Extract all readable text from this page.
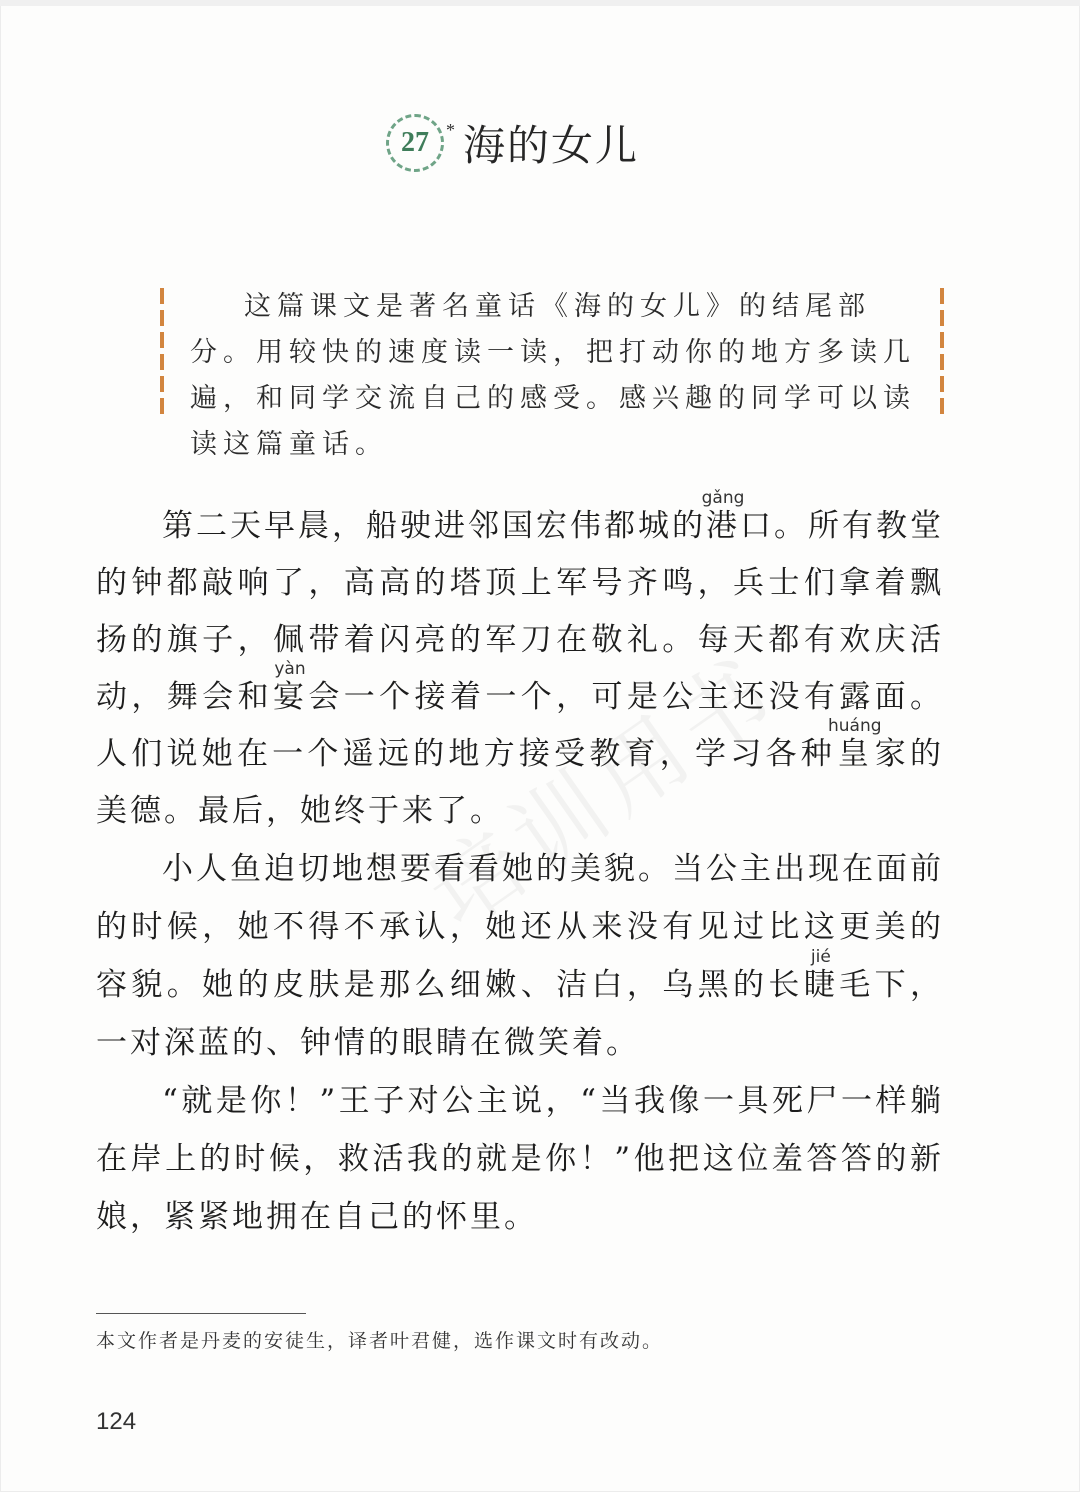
27 * 海的女儿

这篇课文是著名童话《海的女儿》的结尾部分。用较快的速度读一读，把打动你的地方多读几遍，和同学交流自己的感受。感兴趣的同学可以读读这篇童话。

第二天早晨，船驶进邻国宏伟都城的港gǎng口。所有教堂的钟都敲响了，高高的塔顶上军号齐鸣，兵士们拿着飘扬的旗子，佩带着闪亮的军刀在敬礼。每天都有欢庆活动，舞会和宴yàn会一个接着一个，可是公主还没有露面。人们说她在一个遥远的地方接受教育，学习各种皇huáng家的美德。最后，她终于来了。

小人鱼迫切地想要看看她的美貌。当公主出现在面前的时候，她不得不承认，她还从来没有见过比这更美的容貌。她的皮肤是那么细嫩、洁白，乌黑的长睫jié毛下，一对深蓝的、钟情的眼睛在微笑着。

“就是你！”王子对公主说，“当我像一具死尸一样躺在岸上的时候，救活我的就是你！”他把这位羞答答的新娘，紧紧地拥在自己的怀里。

本文作者是丹麦的安徒生，译者叶君健，选作课文时有改动。

124
